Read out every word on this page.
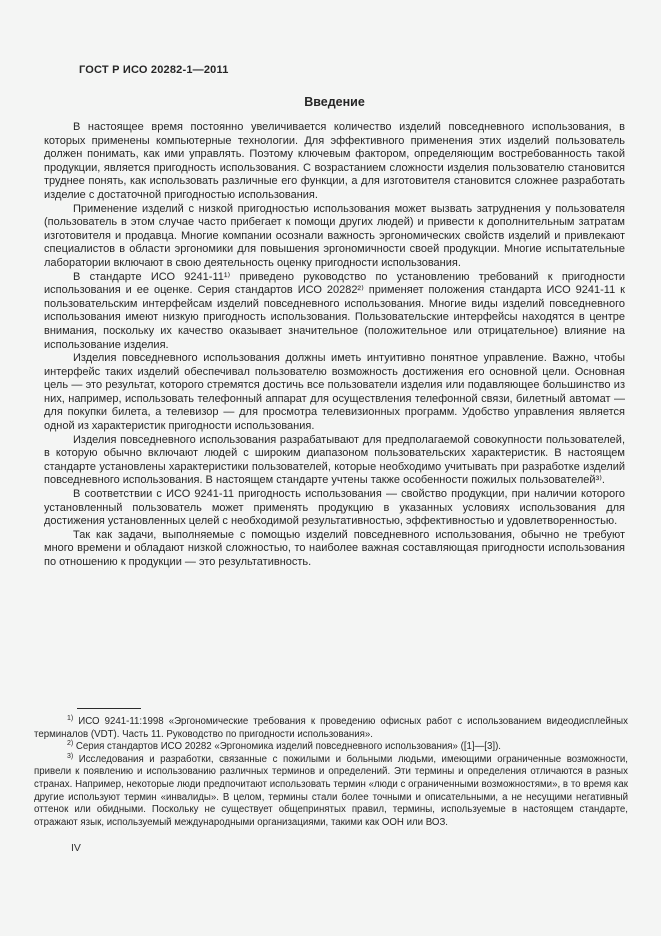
ГОСТ Р ИСО 20282-1—2011
Введение

В настоящее время постоянно увеличивается количество изделий повседневного использования, в которых применены компьютерные технологии. Для эффективного применения этих изделий пользователь должен понимать, как ими управлять. Поэтому ключевым фактором, определяющим востребованность такой продукции, является пригодность использования. С возрастанием сложности изделия пользователю становится труднее понять, как использовать различные его функции, а для изготовителя становится сложнее разработать изделие с достаточной пригодностью использования.

Применение изделий с низкой пригодностью использования может вызвать затруднения у пользователя (пользователь в этом случае часто прибегает к помощи других людей) и привести к дополнительным затратам изготовителя и продавца. Многие компании осознали важность эргономических свойств изделий и привлекают специалистов в области эргономики для повышения эргономичности своей продукции. Многие испытательные лаборатории включают в свою деятельность оценку пригодности использования.

В стандарте ИСО 9241-11¹⁾ приведено руководство по установлению требований к пригодности использования и ее оценке. Серия стандартов ИСО 20282²⁾ применяет положения стандарта ИСО 9241-11 к пользовательским интерфейсам изделий повседневного использования. Многие виды изделий повседневного использования имеют низкую пригодность использования. Пользовательские интерфейсы находятся в центре внимания, поскольку их качество оказывает значительное (положительное или отрицательное) влияние на использование изделия.

Изделия повседневного использования должны иметь интуитивно понятное управление. Важно, чтобы интерфейс таких изделий обеспечивал пользователю возможность достижения его основной цели. Основная цель — это результат, которого стремятся достичь все пользователи изделия или подавляющее большинство из них, например, использовать телефонный аппарат для осуществления телефонной связи, билетный автомат — для покупки билета, а телевизор — для просмотра телевизионных программ. Удобство управления является одной из характеристик пригодности использования.

Изделия повседневного использования разрабатывают для предполагаемой совокупности пользователей, в которую обычно включают людей с широким диапазоном пользовательских характеристик. В настоящем стандарте установлены характеристики пользователей, которые необходимо учитывать при разработке изделий повседневного использования. В настоящем стандарте учтены также особенности пожилых пользователей³⁾.

В соответствии с ИСО 9241-11 пригодность использования — свойство продукции, при наличии которого установленный пользователь может применять продукцию в указанных условиях использования для достижения установленных целей с необходимой результативностью, эффективностью и удовлетворенностью.

Так как задачи, выполняемые с помощью изделий повседневного использования, обычно не требуют много времени и обладают низкой сложностью, то наиболее важная составляющая пригодности использования по отношению к продукции — это результативность.

$^{1)}$ ИСО 9241-11:1998 «Эргономические требования к проведению офисных работ с использованием видеодисплейных терминалов (VDT). Часть 11. Руководство по пригодности использования».

$^{2)}$ Серия стандартов ИСО 20282 «Эргономика изделий повседневного использования» ([1]—[3]).

$^{3)}$ Исследования и разработки, связанные с пожилыми и больными людьми, имеющими ограниченные возможности, привели к появлению и использованию различных терминов и определений. Эти термины и определения отличаются в разных странах. Например, некоторые люди предпочитают использовать термин «люди с ограниченными возможностями», в то время как другие используют термин «инвалиды». В целом, термины стали более точными и описательными, а не несущими негативный оттенок или обидными. Поскольку не существует общепринятых правил, термины, используемые в настоящем стандарте, отражают язык, используемый международными организациями, такими как ООН или ВОЗ.

IV
